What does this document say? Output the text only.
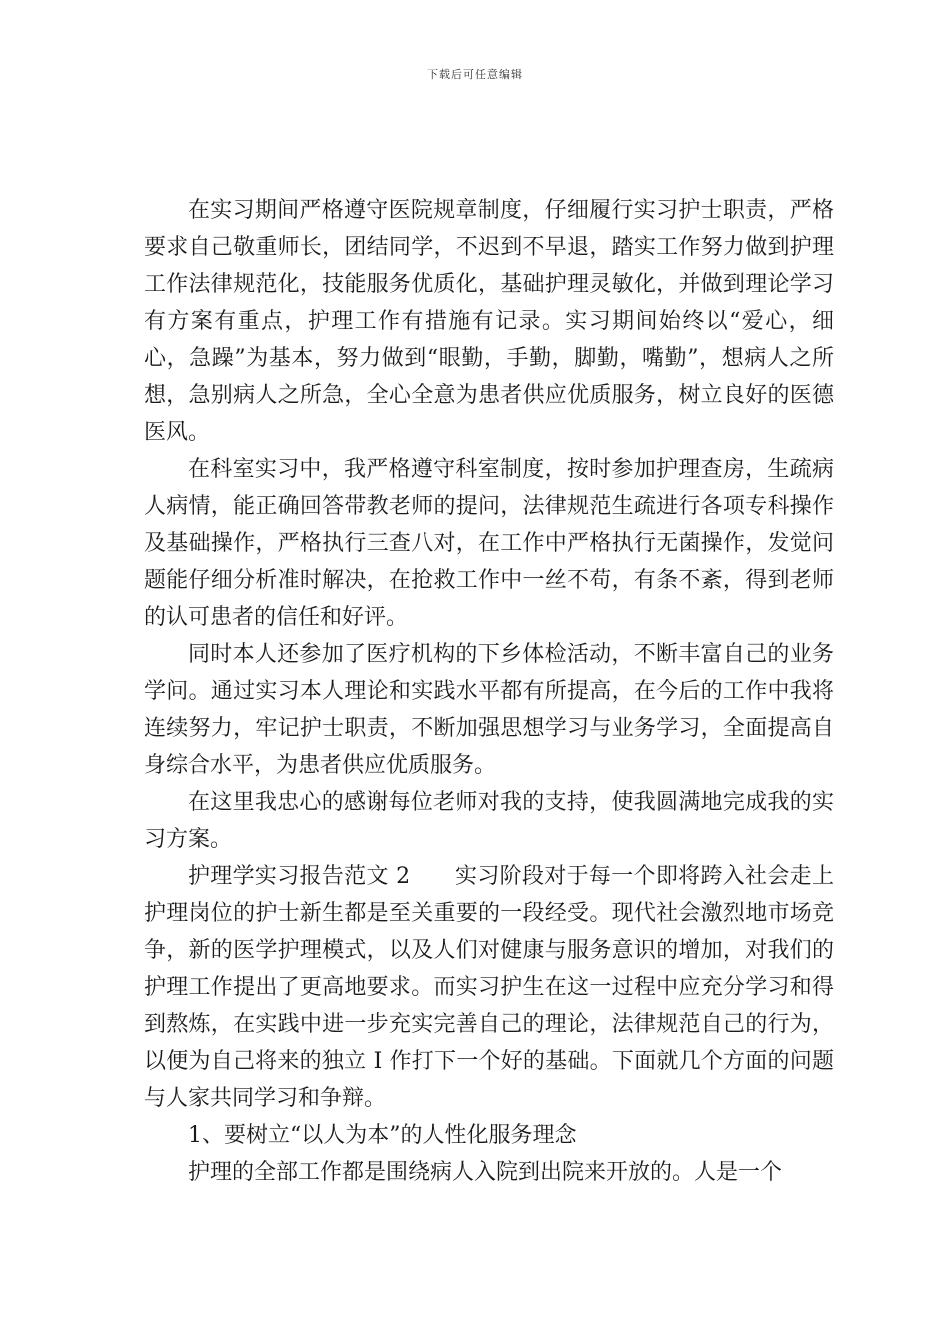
下载后可任意编辑

在实习期间严格遵守医院规章制度，仔细履行实习护士职责，严格要求自己敬重师长，团结同学，不迟到不早退，踏实工作努力做到护理工作法律规范化，技能服务优质化，基础护理灵敏化，并做到理论学习有方案有重点，护理工作有措施有记录。实习期间始终以“爱心，细心，急躁”为基本，努力做到“眼勤，手勤，脚勤，嘴勤”，想病人之所想，急别病人之所急，全心全意为患者供应优质服务，树立良好的医德医风。

在科室实习中，我严格遵守科室制度，按时参加护理查房，生疏病人病情，能正确回答带教老师的提问，法律规范生疏进行各项专科操作及基础操作，严格执行三查八对，在工作中严格执行无菌操作，发觉问题能仔细分析准时解决，在抢救工作中一丝不苟，有条不紊，得到老师的认可患者的信任和好评。

同时本人还参加了医疗机构的下乡体检活动，不断丰富自己的业务学问。通过实习本人理论和实践水平都有所提高，在今后的工作中我将连续努力，牢记护士职责，不断加强思想学习与业务学习，全面提高自身综合水平，为患者供应优质服务。

在这里我忠心的感谢每位老师对我的支持，使我圆满地完成我的实习方案。

护理学实习报告范文 2　　实习阶段对于每一个即将跨入社会走上护理岗位的护士新生都是至关重要的一段经受。现代社会激烈地市场竞争，新的医学护理模式，以及人们对健康与服务意识的增加，对我们的护理工作提出了更高地要求。而实习护生在这一过程中应充分学习和得到熬炼，在实践中进一步充实完善自己的理论，法律规范自己的行为，以便为自己将来的独立 I 作打下一个好的基础。下面就几个方面的问题与人家共同学习和争辩。

1、要树立“以人为本”的人性化服务理念

护理的全部工作都是围绕病人入院到出院来开放的。人是一个
